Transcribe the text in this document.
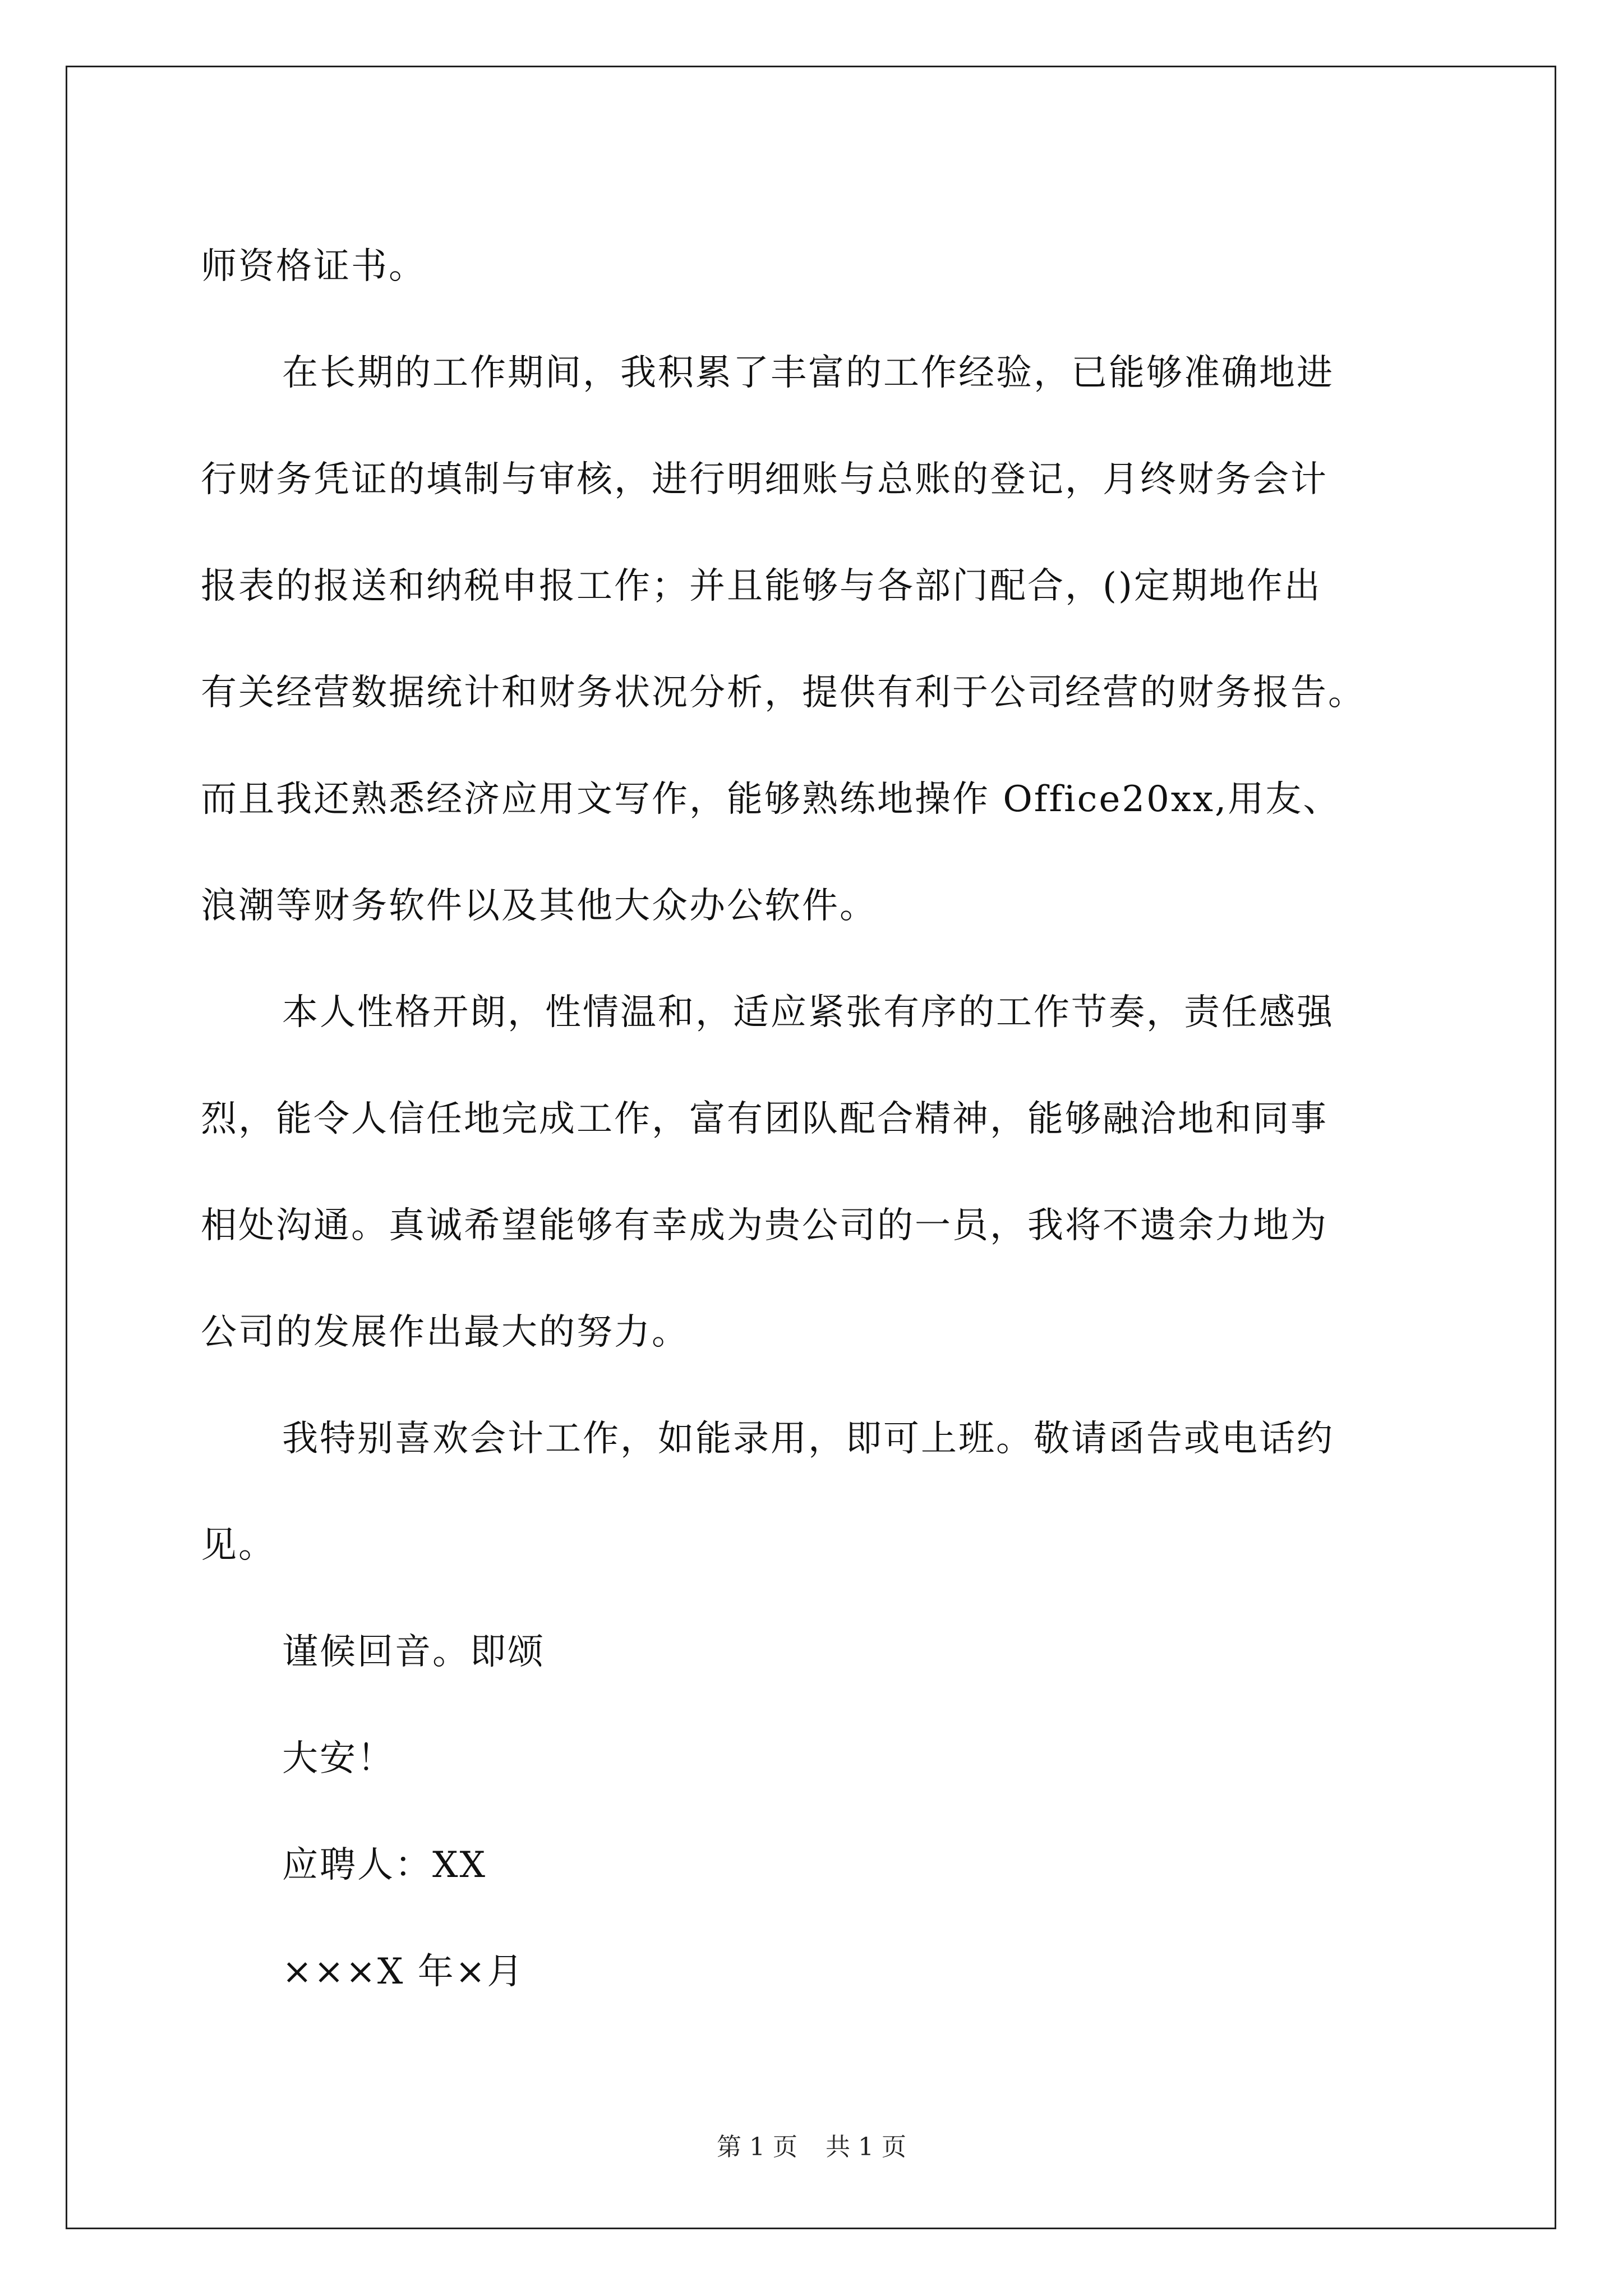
师资格证书。
在长期的工作期间，我积累了丰富的工作经验，已能够准确地进
行财务凭证的填制与审核，进行明细账与总账的登记，月终财务会计
报表的报送和纳税申报工作；并且能够与各部门配合，()定期地作出
有关经营数据统计和财务状况分析，提供有利于公司经营的财务报告。
而且我还熟悉经济应用文写作，能够熟练地操作 Office20xx,用友、
浪潮等财务软件以及其他大众办公软件。
本人性格开朗，性情温和，适应紧张有序的工作节奏，责任感强
烈，能令人信任地完成工作，富有团队配合精神，能够融洽地和同事
相处沟通。真诚希望能够有幸成为贵公司的一员，我将不遗余力地为
公司的发展作出最大的努力。
我特别喜欢会计工作，如能录用，即可上班。敬请函告或电话约
见。
谨候回音。即颂
大安！
应聘人：XX
×××X 年×月
第 1 页 共 1 页
